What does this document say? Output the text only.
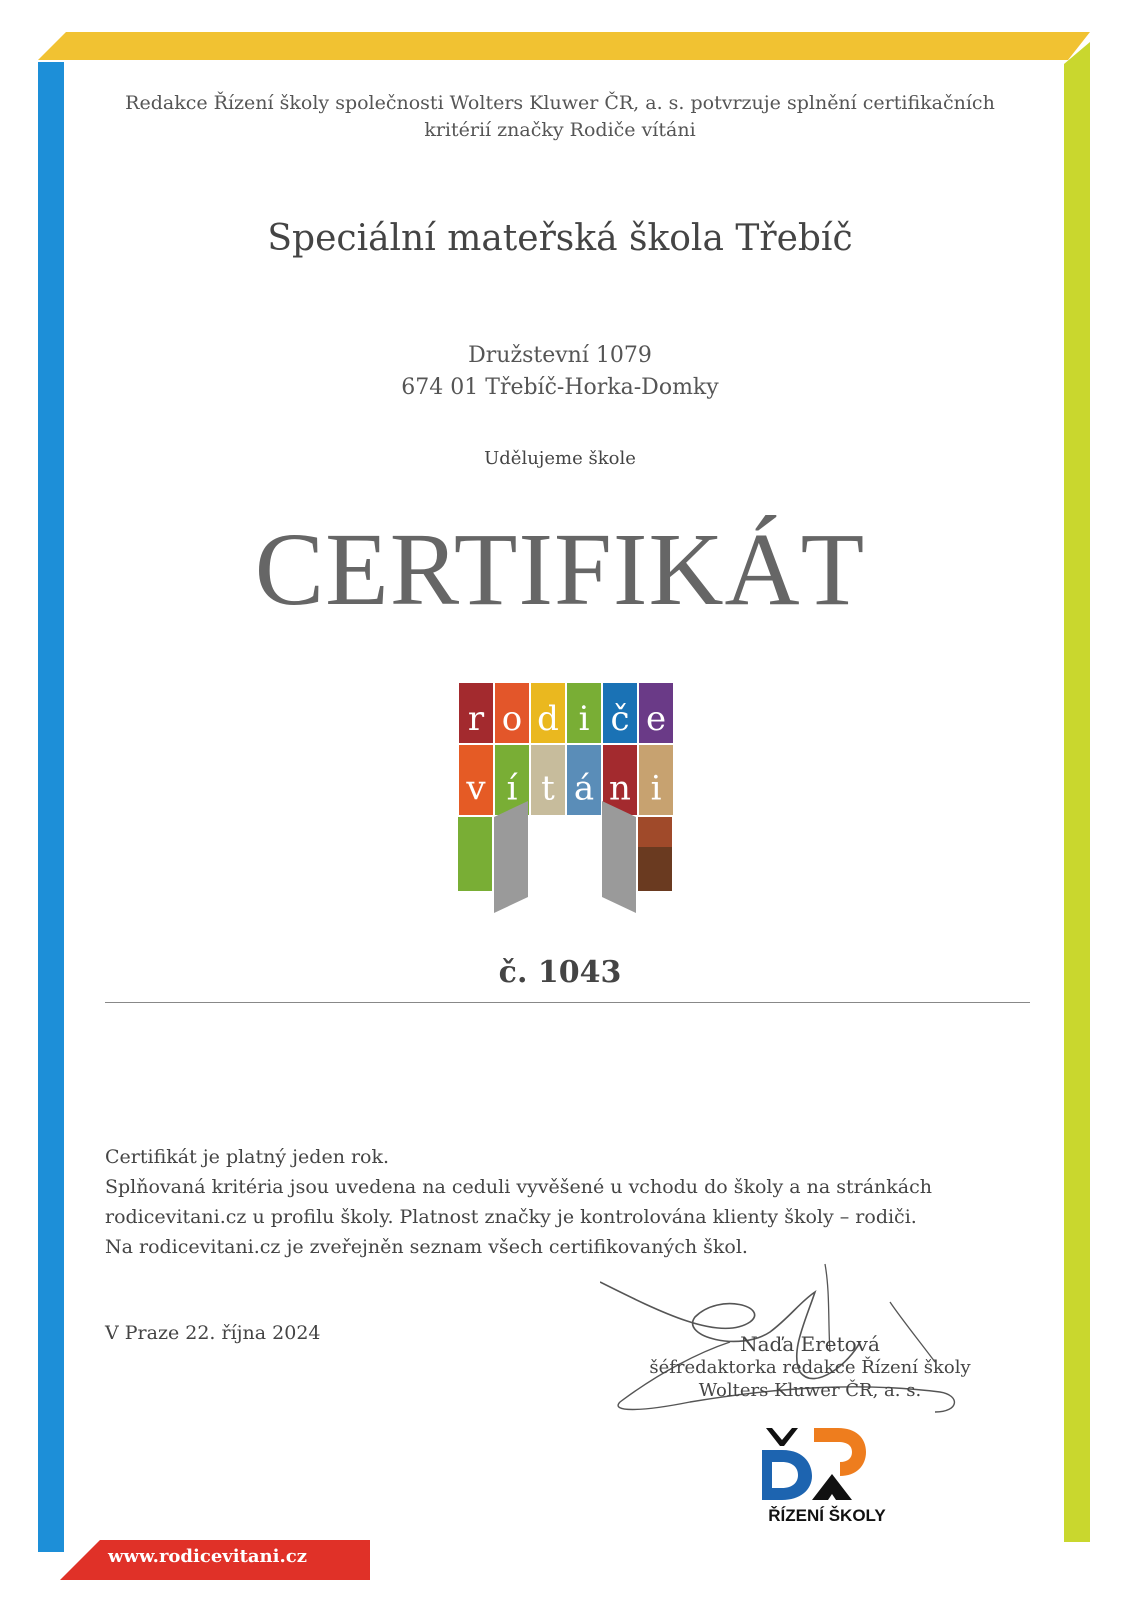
Redakce Řízení školy společnosti Wolters Kluwer ČR, a. s. potvrzuje splnění certifikačních
kritérií značky Rodiče vítáni
Speciální mateřská škola Třebíč
Družstevní 1079
674 01 Třebíč-Horka-Domky
Udělujeme škole
CERTIFIKÁT
r o d i č e
v í t á n i
č. 1043
Certifikát je platný jeden rok.
Splňovaná kritéria jsou uvedena na ceduli vyvěšené u vchodu do školy a na stránkách
rodicevitani.cz u profilu školy. Platnost značky je kontrolována klienty školy – rodiči.
Na rodicevitani.cz je zveřejněn seznam všech certifikovaných škol.
V Praze 22. října 2024	Naďa Eretová
šéfredaktorka redakce Řízení školy
Wolters Kluwer ČR, a. s.
ŘÍZENÍ ŠKOLY
www.rodicevitani.cz
